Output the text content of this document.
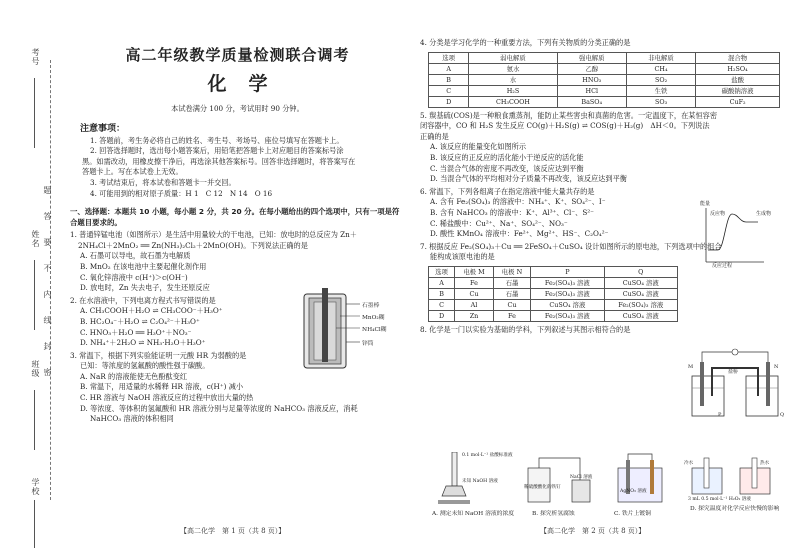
考号
姓名
班级
学校
题
答
要
不
内
线
封
密

高二年级教学质量检测联合调考

化学

本试卷满分 100 分，考试用时 90 分钟。

注意事项：

1. 答题前，考生务必将自己的姓名、考生号、考场号、座位号填写在答题卡上。

2. 回答选择题时，选出每小题答案后，用铅笔把答题卡上对应题目的答案标号涂

黑。如需改动，用橡皮擦干净后，再选涂其他答案标号。回答非选择题时，将答案写在

答题卡上。写在本试卷上无效。

3. 考试结束后，将本试卷和答题卡一并交回。

4. 可能用到的相对原子质量：H 1　C 12　N 14　O 16

一、选择题：本题共 10 小题，每小题 2 分，共 20 分。在每小题给出的四个选项中，只有一项是符合题目要求的。

1. 普通锌锰电池（如图所示）是生活中用量较大的干电池，已知：放电时的总反应为 Zn＋

2NH₄Cl＋2MnO₂ ══ Zn(NH₃)₂Cl₂＋2MnO(OH)。下列说法正确的是

A. 石墨可以导电，故石墨为电解质

B. MnO₂ 在该电池中主要起催化剂作用

C. 氧化锌溶液中 c(H⁺)＞c(OH⁻)

D. 放电时，Zn 失去电子，发生还原反应

2. 在水溶液中，下列电离方程式书写错误的是

A. CH₃COOH＋H₂O ⇌ CH₃COO⁻＋H₃O⁺

B. HC₂O₄⁻＋H₂O ⇌ C₂O₄²⁻＋H₃O⁺

C. HNO₃＋H₂O ══ H₃O⁺＋NO₃⁻

D. NH₄⁺＋2H₂O ⇌ NH₃·H₂O＋H₃O⁺

3. 常温下，根据下列实验能证明一元酸 HR 为弱酸的是

已知：等浓度的氢氟酸的酸性强于碳酸。

A. NaR 的溶液能使无色酚酞变红

B. 常温下，用适量的水稀释 HR 溶液，c(H⁺) 减小

C. HR 溶液与 NaOH 溶液反应的过程中放出大量的热

D. 等浓度、等体积的氢氟酸和 HR 溶液分别与足量等浓度的 NaHCO₃ 溶液反应，消耗

NaHCO₃ 溶液的体积相同

石墨棒
MnO₂糊
NH₄Cl糊
锌筒

4. 分类是学习化学的一种重要方法，下列有关物质的分类正确的是

选项	弱电解质	强电解质	非电解质	混合物
A	氨水	乙醇	CH₄	H₂SO₄
B	水	HNO₃	SO₂	盐酸
C	H₂S	HCl	生铁	碳酸钠溶液
D	CH₃COOH	BaSO₄	SO₃	CuF₂

5. 羰基硫(COS)是一种粮食熏蒸剂，能防止某些害虫和真菌的危害。一定温度下，在某恒容密

闭容器中，CO 和 H₂S 发生反应 CO(g)＋H₂S(g) ⇌ COS(g)＋H₂(g)　ΔH＜0。下列说法

正确的是

A. 该反应的能量变化如图所示

B. 该反应的正反应的活化能小于逆反应的活化能

C. 当混合气体的密度不再改变，该反应达到平衡

D. 当混合气体的平均相对分子质量不再改变，该反应达到平衡

6. 常温下，下列各组离子在指定溶液中能大量共存的是

A. 含有 Fe₂(SO₄)₃ 的溶液中：NH₄⁺、K⁺、SO₄²⁻、I⁻

B. 含有 NaHCO₃ 的溶液中：K⁺、Al³⁺、Cl⁻、S²⁻

C. 稀盐酸中：Cu²⁺、Na⁺、SO₄²⁻、NO₃⁻

D. 酸性 KMnO₄ 溶液中：Fe²⁺、Mg²⁺、HS⁻、C₂O₄²⁻

7. 根据反应 Fe₂(SO₄)₃＋Cu ══ 2FeSO₄＋CuSO₄ 设计如图所示的原电池，下列选项中的组合

能构成该原电池的是

选项	电极 M	电极 N	P	Q
A	Fe	石墨	Fe₂(SO₄)₃ 溶液	CuSO₄ 溶液
B	Cu	石墨	Fe₂(SO₄)₃ 溶液	CuSO₄ 溶液
C	Al	Cu	CuSO₄ 溶液	Fe₂(SO₄)₃ 溶液
D	Zn	Fe	Fe₂(SO₄)₃ 溶液	CuSO₄ 溶液

8. 化学是一门以实验为基础的学科，下列叙述与其图示相符合的是

反应物	生成物
反应过程
能量
盐桥
M	N
P	Q
0.1 mol·L⁻¹ 盐酸标准液
未知 NaOH 溶液
A. 测定未知 NaOH 溶液的浓度
稀硫酸酸化的铁钉
NaCl 溶液
B. 探究析氢腐蚀
AgNO₃ 溶液
C. 铁片上镀铜
冷水	热水
3 mL 0.5 mol·L⁻¹ H₂O₂ 溶液
D. 探究温度对化学反应快慢的影响
【高二化学　第 1 页（共 8 页）】	【高二化学　第 2 页（共 8 页）】
